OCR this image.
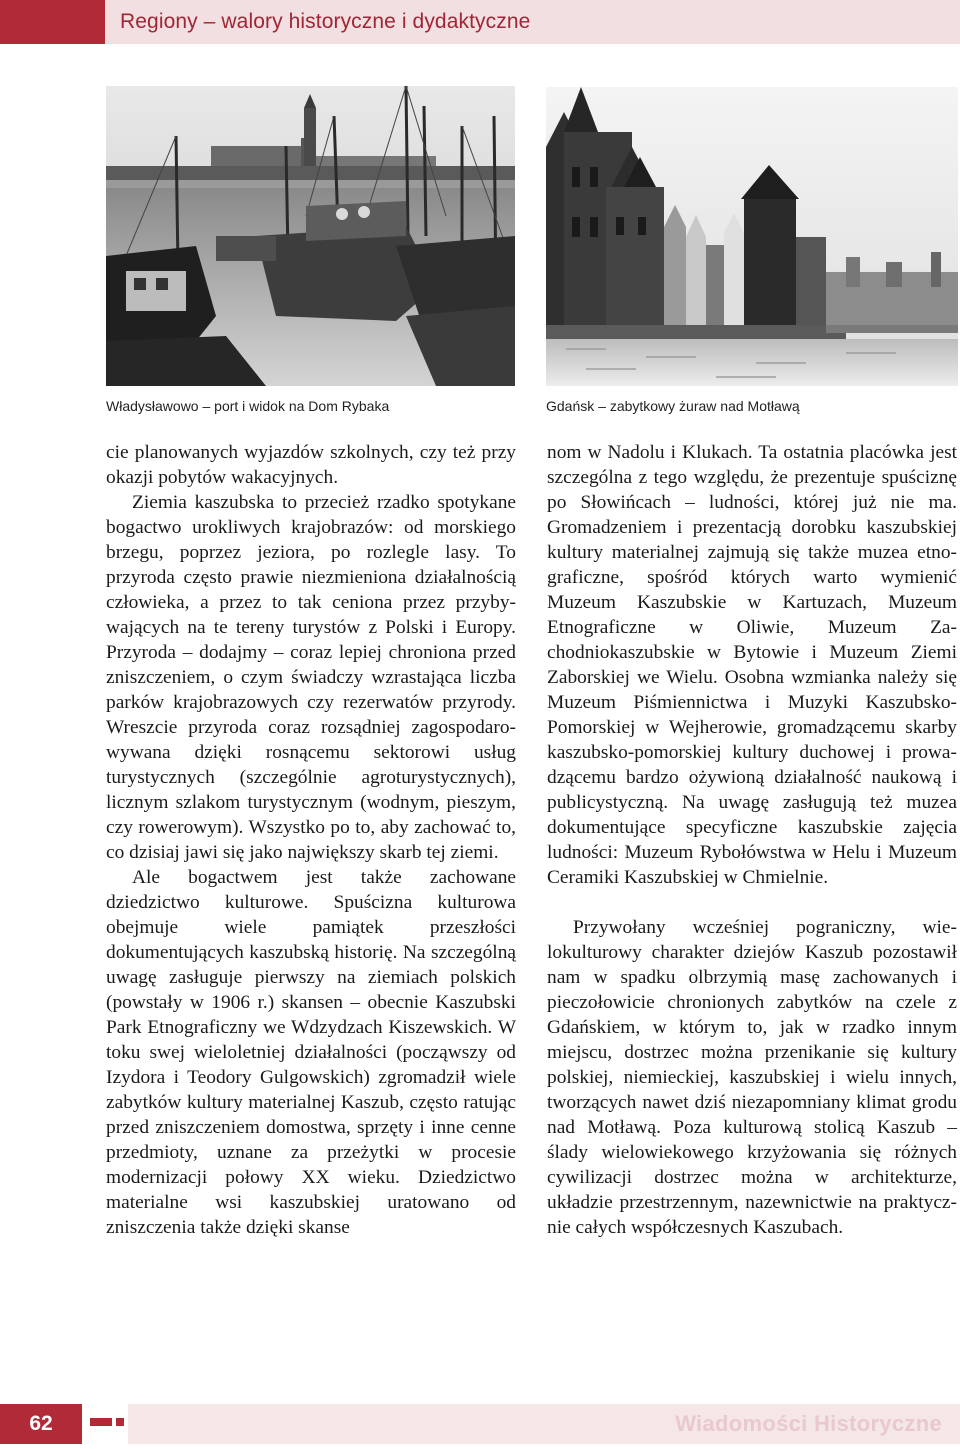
Regiony – walory historyczne i dydaktyczne
Władysławowo – port i widok na Dom Rybaka	Gdańsk – zabytkowy żuraw nad Motławą

cie planowanych wyjazdów szkolnych, czy też przy okazji pobytów wakacyjnych.

Ziemia kaszubska to przecież rzadko spotykane bogactwo urokliwych krajobrazów: od morskiego brzegu, poprzez jeziora, po rozlegle lasy. To przyroda często prawie niezmieniona działalnością człowieka, a przez to tak ceniona przez przybywających na te tereny turystów z Polski i Europy. Przyroda – dodajmy – coraz lepiej chroniona przed zniszczeniem, o czym świadczy wzrastająca liczba parków krajobrazowych czy rezerwatów przyrody. Wreszcie przyroda coraz rozsądniej zagospodarowywana dzięki rosnącemu sektorowi usług turystycznych (szczególnie agroturystycznych), licznym szlakom turystycznym (wodnym, pieszym, czy rowerowym). Wszystko po to, aby zachować to, co dzisiaj jawi się jako największy skarb tej ziemi.

Ale bogactwem jest także zachowane dziedzictwo kulturowe. Spuścizna kulturowa obejmuje wiele pamiątek przeszłości dokumentujących kaszubską historię. Na szczególną uwagę zasługuje pierwszy na ziemiach polskich (powstały w 1906 r.) skansen – obecnie Kaszubski Park Etnograficzny we Wdzydzach Kiszewskich. W toku swej wieloletniej działalności (począwszy od Izydora i Teodory Gulgowskich) zgromadził wiele zabytków kultury materialnej Kaszub, często ratując przed zniszczeniem domostwa, sprzęty i inne cenne przedmioty, uznane za przeżytki w procesie modernizacji połowy XX wieku. Dziedzictwo materialne wsi kaszubskiej uratowano od zniszczenia także dzięki skanse

nom w Nadolu i Klukach. Ta ostatnia placówka jest szczególna z tego względu, że prezentuje spuściznę po Słowińcach – ludności, której już nie ma. Gromadzeniem i prezentacją dorobku kaszubskiej kultury materialnej zajmują się także muzea etnograficzne, spośród których warto wymienić Muzeum Kaszubskie w Kartuzach, Muzeum Etnograficzne w Oliwie, Muzeum Zachodniokaszubskie w Bytowie i Muzeum Ziemi Zaborskiej we Wielu. Osobna wzmianka należy się Muzeum Piśmiennictwa i Muzyki Kaszubsko-Pomorskiej w Wejherowie, gromadzącemu skarby kaszubsko-pomorskiej kultury duchowej i prowadzącemu bardzo ożywioną działalność naukową i publicystyczną. Na uwagę zasługują też muzea dokumentujące specyficzne kaszubskie zajęcia ludności: Muzeum Rybołówstwa w Helu i Muzeum Ceramiki Kaszubskiej w Chmielnie.

Przywołany wcześniej pograniczny, wielokulturowy charakter dziejów Kaszub pozostawił nam w spadku olbrzymią masę zachowanych i pieczołowicie chronionych zabytków na czele z Gdańskiem, w którym to, jak w rzadko innym miejscu, dostrzec można przenikanie się kultury polskiej, niemieckiej, kaszubskiej i wielu innych, tworzących nawet dziś niezapomniany klimat grodu nad Motławą. Poza kulturową stolicą Kaszub – ślady wielowiekowego krzyżowania się różnych cywilizacji dostrzec można w architekturze, układzie przestrzennym, nazewnictwie na praktycznie całych współczesnych Kaszubach.

62	Wiadomości Historyczne
